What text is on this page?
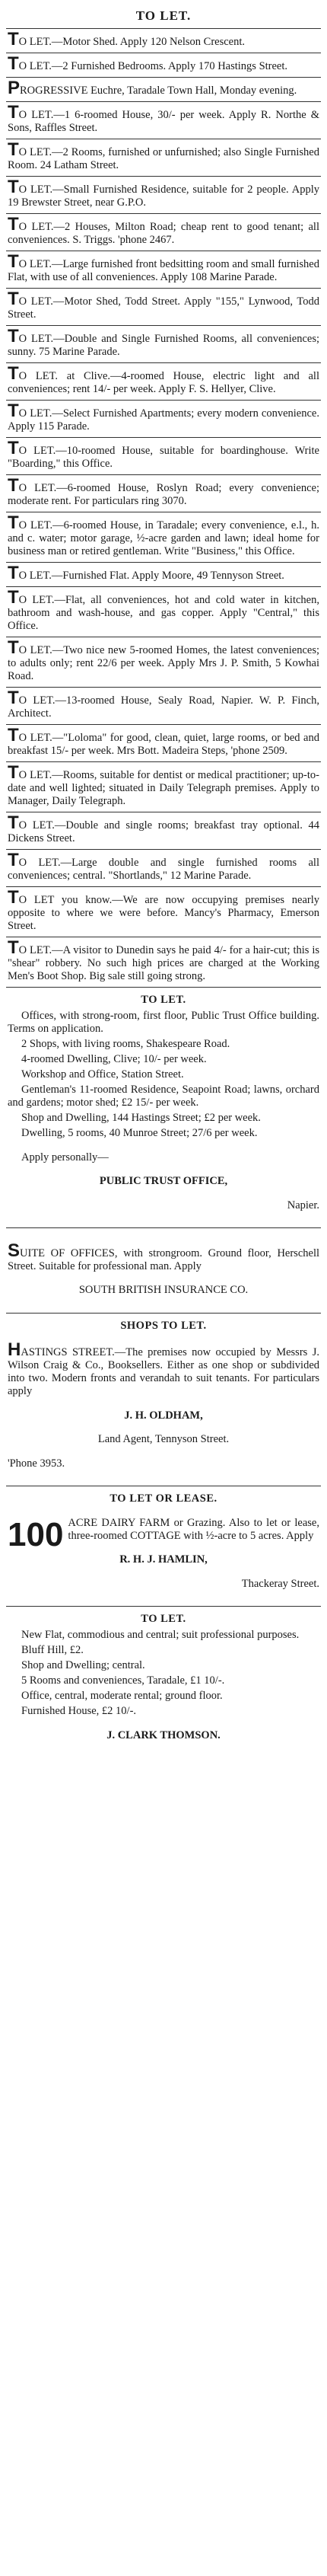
TO LET.

TO LET.—Motor Shed. Apply 120 Nelson Crescent.

TO LET.—2 Furnished Bedrooms. Apply 170 Hastings Street.

PROGRESSIVE Euchre, Taradale Town Hall, Monday evening.

TO LET.—1 6-roomed House, 30/- per week. Apply R. Northe & Sons, Raffles Street.

TO LET.—2 Rooms, furnished or unfurnished; also Single Furnished Room. 24 Latham Street.

TO LET.—Small Furnished Residence, suitable for 2 people. Apply 19 Brewster Street, near G.P.O.

TO LET.—2 Houses, Milton Road; cheap rent to good tenant; all conveniences. S. Triggs. 'phone 2467.

TO LET.—Large furnished front bedsitting room and small furnished Flat, with use of all conveniences. Apply 108 Marine Parade.

TO LET.—Motor Shed, Todd Street. Apply "155," Lynwood, Todd Street.

TO LET.—Double and Single Furnished Rooms, all conveniences; sunny. 75 Marine Parade.

TO LET. at Clive.—4-roomed House, electric light and all conveniences; rent 14/- per week. Apply F. S. Hellyer, Clive.

TO LET.—Select Furnished Apartments; every modern convenience. Apply 115 Parade.

TO LET.—10-roomed House, suitable for boardinghouse. Write "Boarding," this Office.

TO LET.—6-roomed House, Roslyn Road; every convenience; moderate rent. For particulars ring 3070.

TO LET.—6-roomed House, in Taradale; every convenience, e.l., h. and c. water; motor garage, ½-acre garden and lawn; ideal home for business man or retired gentleman. Write "Business," this Office.

TO LET.—Furnished Flat. Apply Moore, 49 Tennyson Street.

TO LET.—Flat, all conveniences, hot and cold water in kitchen, bathroom and wash-house, and gas copper. Apply "Central," this Office.

TO LET.—Two nice new 5-roomed Homes, the latest conveniences; to adults only; rent 22/6 per week. Apply Mrs J. P. Smith, 5 Kowhai Road.

TO LET.—13-roomed House, Sealy Road, Napier. W. P. Finch, Architect.

TO LET.—"Loloma" for good, clean, quiet, large rooms, or bed and breakfast 15/- per week. Mrs Bott. Madeira Steps, 'phone 2509.

TO LET.—Rooms, suitable for dentist or medical practitioner; up-to-date and well lighted; situated in Daily Telegraph premises. Apply to Manager, Daily Telegraph.

TO LET.—Double and single rooms; breakfast tray optional. 44 Dickens Street.

TO LET.—Large double and single furnished rooms all conveniences; central. "Shortlands," 12 Marine Parade.

TO LET you know.—We are now occupying premises nearly opposite to where we were before. Mancy's Pharmacy, Emerson Street.

TO LET.—A visitor to Dunedin says he paid 4/- for a hair-cut; this is "shear" robbery. No such high prices are charged at the Working Men's Boot Shop. Big sale still going strong.

TO LET.

Offices, with strong-room, first floor, Public Trust Office building. Terms on application.

2 Shops, with living rooms, Shakespeare Road.

4-roomed Dwelling, Clive; 10/- per week.

Workshop and Office, Station Street.

Gentleman's 11-roomed Residence, Seapoint Road; lawns, orchard and gardens; motor shed; £2 15/- per week.

Shop and Dwelling, 144 Hastings Street; £2 per week.

Dwelling, 5 rooms, 40 Munroe Street; 27/6 per week.

Apply personally—

PUBLIC TRUST OFFICE,

Napier.

SUITE OF OFFICES, with strongroom. Ground floor, Herschell Street. Suitable for professional man. Apply

SOUTH BRITISH INSURANCE CO.

SHOPS TO LET.

HASTINGS STREET.—The premises now occupied by Messrs J. Wilson Craig & Co., Booksellers. Either as one shop or subdivided into two. Modern fronts and verandah to suit tenants. For particulars apply

J. H. OLDHAM,

Land Agent, Tennyson Street.

'Phone 3953.

TO LET OR LEASE.

100 ACRE DAIRY FARM or Grazing. Also to let or lease, three-roomed COTTAGE with ½-acre to 5 acres. Apply

R. H. J. HAMLIN,

Thackeray Street.

TO LET.

New Flat, commodious and central; suit professional purposes.

Bluff Hill, £2.

Shop and Dwelling; central.

5 Rooms and conveniences, Taradale, £1 10/-.

Office, central, moderate rental; ground floor.

Furnished House, £2 10/-.

J. CLARK THOMSON.
